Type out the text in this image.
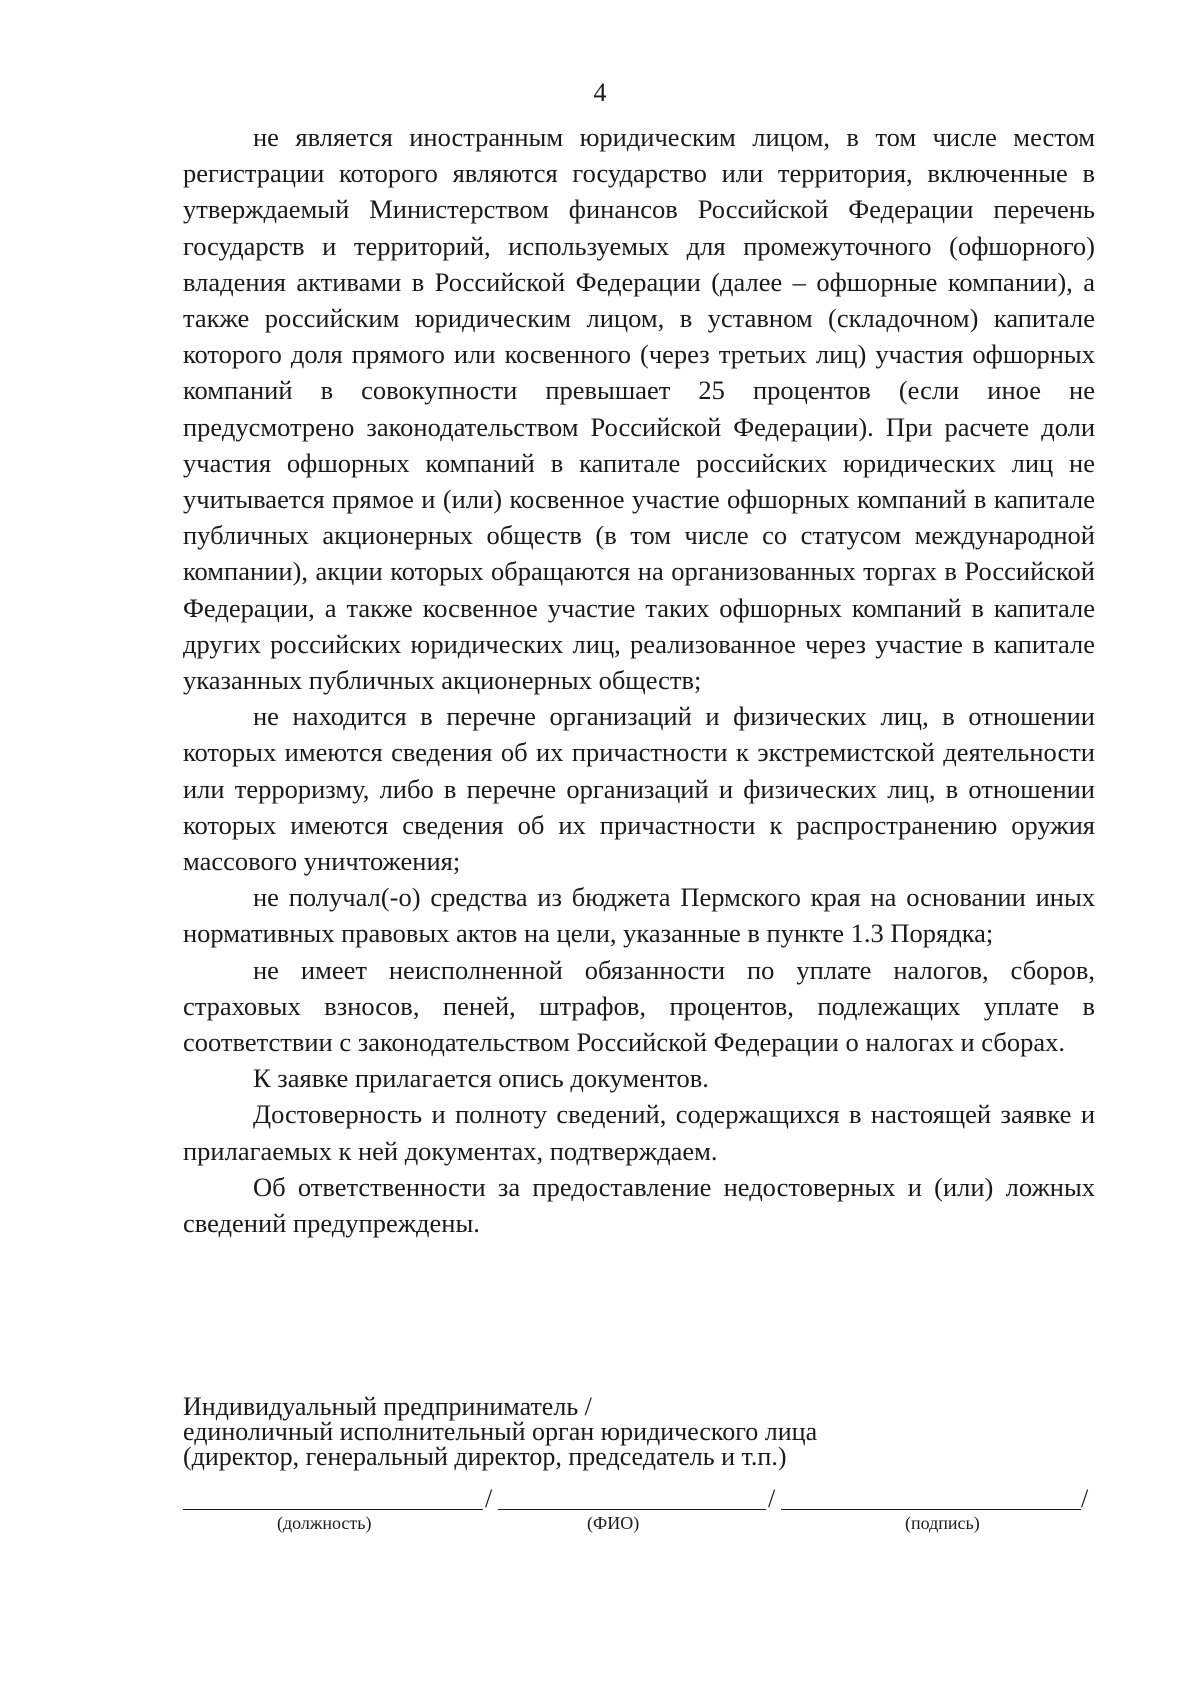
4

не является иностранным юридическим лицом, в том числе местом регистрации которого являются государство или территория, включенные в утверждаемый Министерством финансов Российской Федерации перечень государств и территорий, используемых для промежуточного (офшорного) владения активами в Российской Федерации (далее – офшорные компании), а также российским юридическим лицом, в уставном (складочном) капитале которого доля прямого или косвенного (через третьих лиц) участия офшорных компаний в совокупности превышает 25 процентов (если иное не предусмотрено законодательством Российской Федерации). При расчете доли участия офшорных компаний в капитале российских юридических лиц не учитывается прямое и (или) косвенное участие офшорных компаний в капитале публичных акционерных обществ (в том числе со статусом международной компании), акции которых обращаются на организованных торгах в Российской Федерации, а также косвенное участие таких офшорных компаний в капитале других российских юридических лиц, реализованное через участие в капитале указанных публичных акционерных обществ;

не находится в перечне организаций и физических лиц, в отношении которых имеются сведения об их причастности к экстремистской деятельности или терроризму, либо в перечне организаций и физических лиц, в отношении которых имеются сведения об их причастности к распространению оружия массового уничтожения;

не получал(-о) средства из бюджета Пермского края на основании иных нормативных правовых актов на цели, указанные в пункте 1.3 Порядка;

не имеет неисполненной обязанности по уплате налогов, сборов, страховых взносов, пеней, штрафов, процентов, подлежащих уплате в соответствии с законодательством Российской Федерации о налогах и сборах.

К заявке прилагается опись документов.

Достоверность и полноту сведений, содержащихся в настоящей заявке и прилагаемых к ней документах, подтверждаем.

Об ответственности за предоставление недостоверных и (или) ложных сведений предупреждены.

Индивидуальный предприниматель /
единоличный исполнительный орган юридического лица
(директор, генеральный директор, председатель и т.п.)
/	/	/
(должность)	(ФИО)	(подпись)
